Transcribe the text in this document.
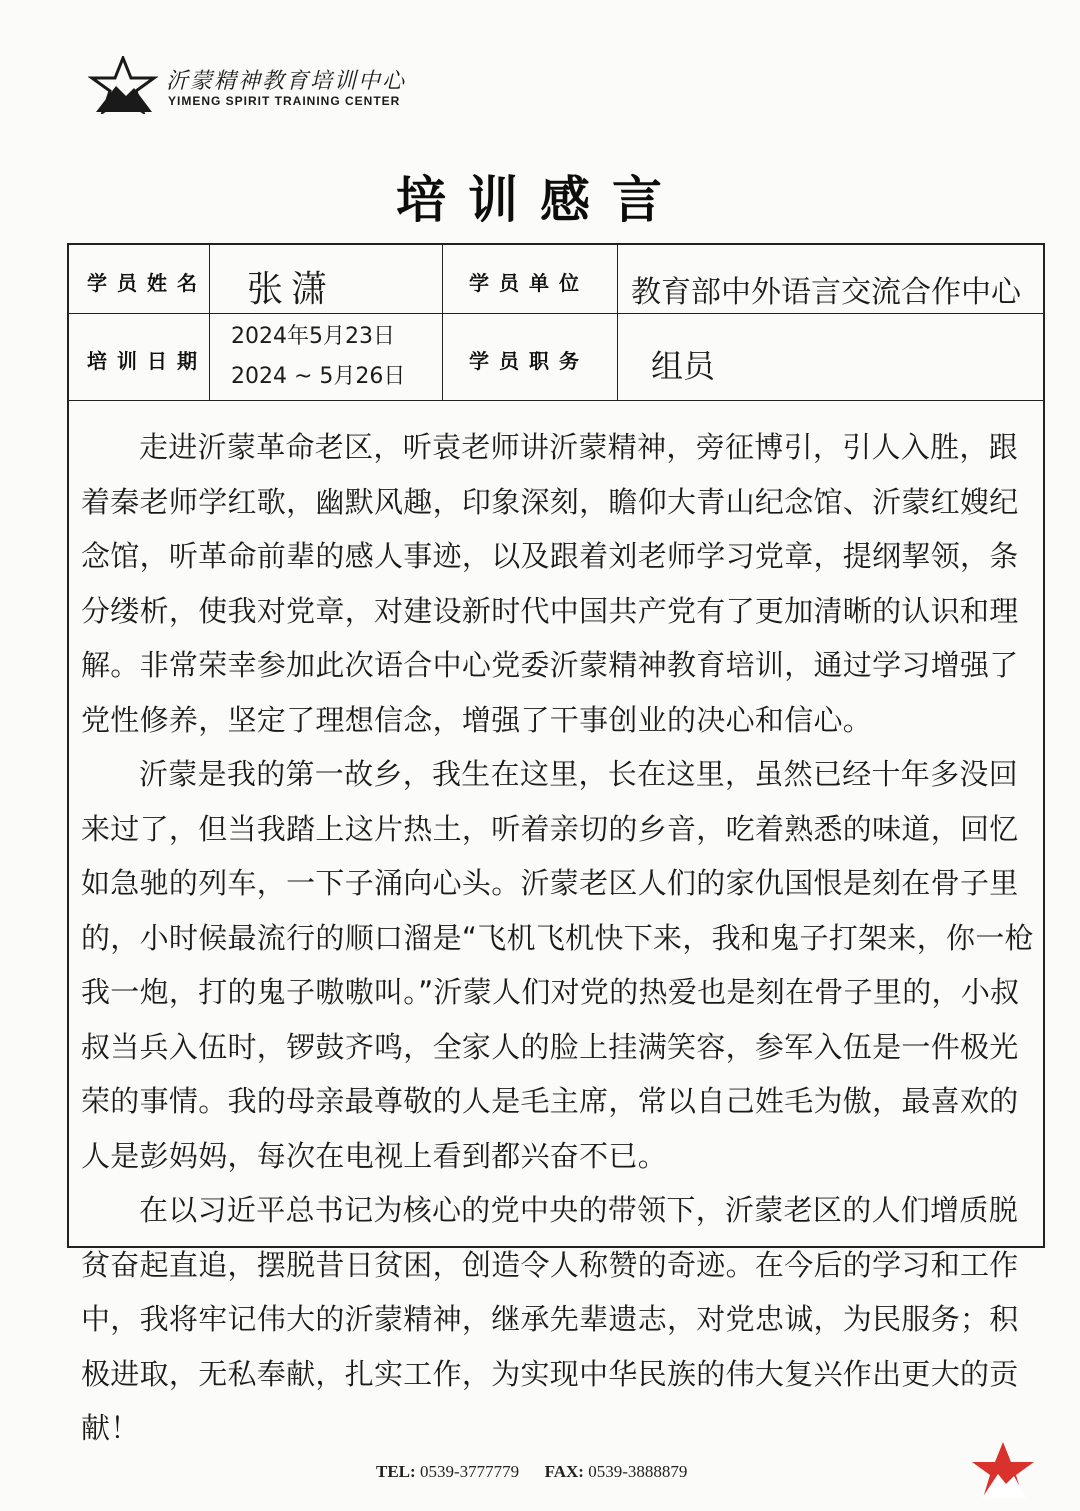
沂蒙精神教育培训中心
YIMENG SPIRIT TRAINING CENTER
培训感言
学员姓名 张潇	学员单位 教育部中外语言交流合作中心
培训日期
2024年5月23日
2024 ~ 5月26日
学员职务 组员

走进沂蒙革命老区，听袁老师讲沂蒙精神，旁征博引，引人入胜，跟着秦老师学红歌，幽默风趣，印象深刻，瞻仰大青山纪念馆、沂蒙红嫂纪念馆，听革命前辈的感人事迹，以及跟着刘老师学习党章，提纲挈领，条分缕析，使我对党章，对建设新时代中国共产党有了更加清晰的认识和理解。非常荣幸参加此次语合中心党委沂蒙精神教育培训，通过学习增强了党性修养，坚定了理想信念，增强了干事创业的决心和信心。

沂蒙是我的第一故乡，我生在这里，长在这里，虽然已经十年多没回来过了，但当我踏上这片热土，听着亲切的乡音，吃着熟悉的味道，回忆如急驰的列车，一下子涌向心头。沂蒙老区人们的家仇国恨是刻在骨子里的，小时候最流行的顺口溜是“飞机飞机快下来，我和鬼子打架来，你一枪我一炮，打的鬼子嗷嗷叫。”沂蒙人们对党的热爱也是刻在骨子里的，小叔叔当兵入伍时，锣鼓齐鸣，全家人的脸上挂满笑容，参军入伍是一件极光荣的事情。我的母亲最尊敬的人是毛主席，常以自己姓毛为傲，最喜欢的人是彭妈妈，每次在电视上看到都兴奋不已。

在以习近平总书记为核心的党中央的带领下，沂蒙老区的人们增质脱贫奋起直追，摆脱昔日贫困，创造令人称赞的奇迹。在今后的学习和工作中，我将牢记伟大的沂蒙精神，继承先辈遗志，对党忠诚，为民服务；积极进取，无私奉献，扎实工作，为实现中华民族的伟大复兴作出更大的贡献！

TEL: 0539-3777779 FAX: 0539-3888879
